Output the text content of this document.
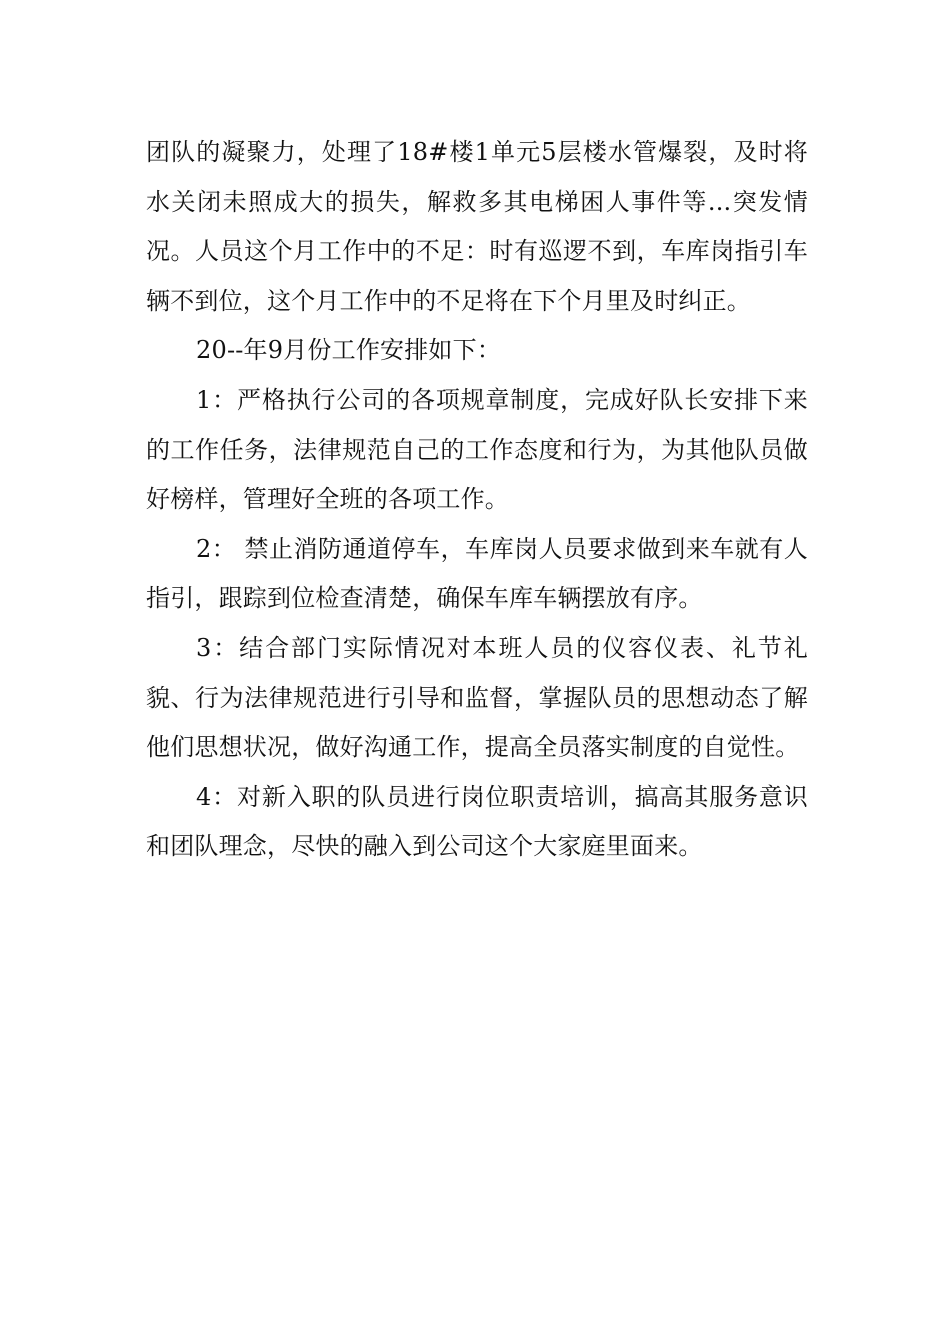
团队的凝聚力，处理了18#楼1单元5层楼水管爆裂，及时将水关闭未照成大的损失，解救多其电梯困人事件等...突发情况。人员这个月工作中的不足：时有巡逻不到，车库岗指引车辆不到位，这个月工作中的不足将在下个月里及时纠正。

20--年9月份工作安排如下：

1：严格执行公司的各项规章制度，完成好队长安排下来的工作任务，法律规范自己的工作态度和行为，为其他队员做好榜样，管理好全班的各项工作。

2： 禁止消防通道停车，车库岗人员要求做到来车就有人指引，跟踪到位检查清楚，确保车库车辆摆放有序。

3：结合部门实际情况对本班人员的仪容仪表、礼节礼貌、行为法律规范进行引导和监督，掌握队员的思想动态了解他们思想状况，做好沟通工作，提高全员落实制度的自觉性。

4：对新入职的队员进行岗位职责培训，搞高其服务意识和团队理念，尽快的融入到公司这个大家庭里面来。
